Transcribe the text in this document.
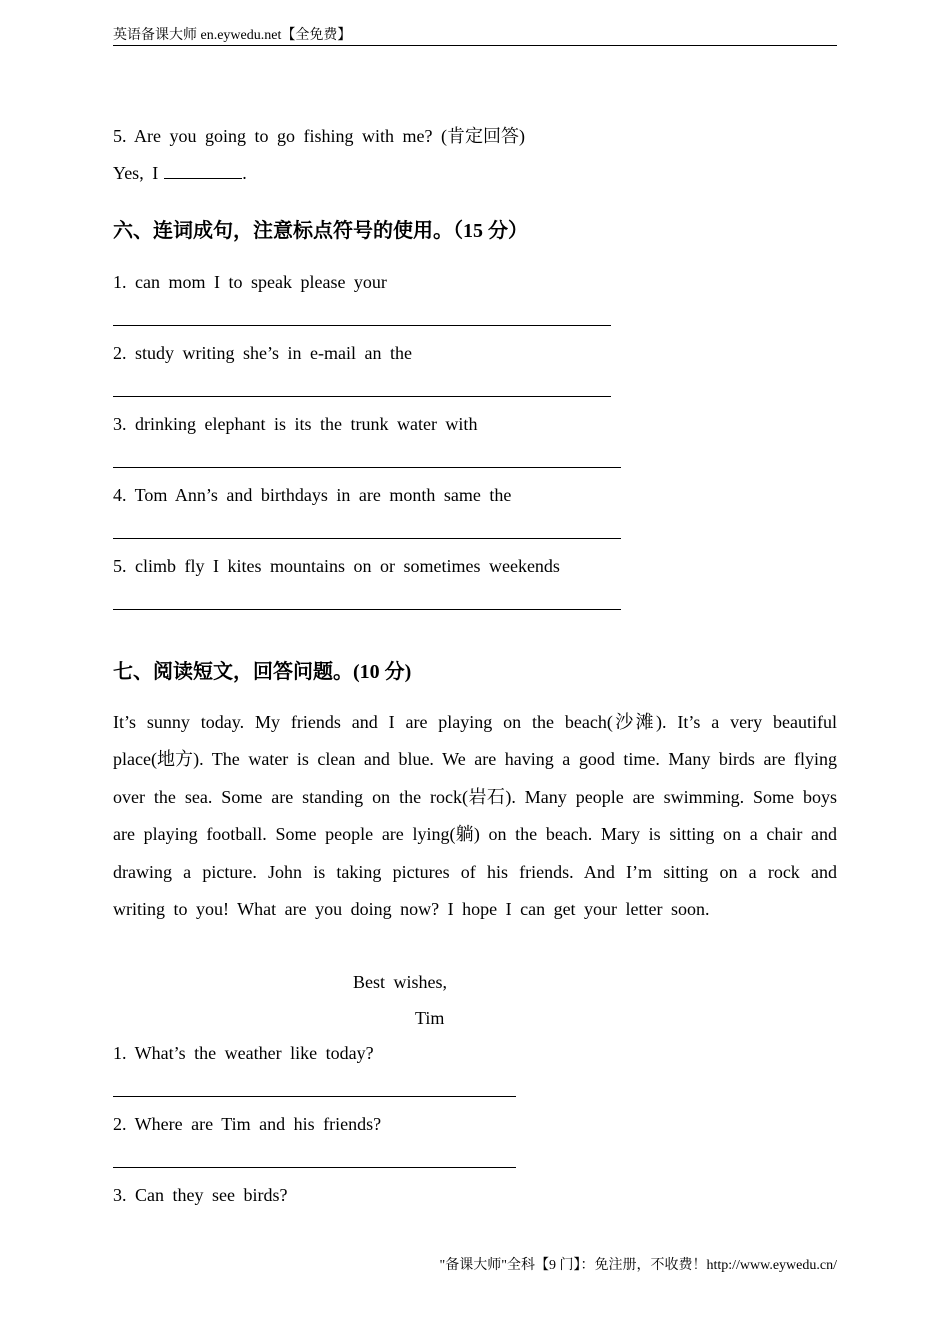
英语备课大师 en.eywedu.net【全免费】
5. Are you going to go fishing with me? (肯定回答)
Yes, I	.
六、连词成句，注意标点符号的使用。（15 分）
1. can mom I to speak please your
2. study writing she’s in e-mail an the
3. drinking elephant is its the trunk water with
4. Tom Ann’s and birthdays in are month same the
5. climb fly I kites mountains on or sometimes weekends
七、阅读短文，回答问题。(10 分)
It’s sunny today. My friends and I are playing on the beach(沙滩). It’s a very beautiful place(地方). The water is clean and blue. We are having a good time. Many birds are flying over the sea. Some are standing on the rock(岩石). Many people are swimming. Some boys are playing football. Some people are lying(躺) on the beach. Mary is sitting on a chair and drawing a picture. John is taking pictures of his friends. And I’m sitting on a rock and writing to you! What are you doing now? I hope I can get your letter soon.
Best wishes,
Tim
1. What’s the weather like today?
2. Where are Tim and his friends?
3. Can they see birds?
"备课大师"全科【9 门】：免注册，不收费！http://www.eywedu.cn/
